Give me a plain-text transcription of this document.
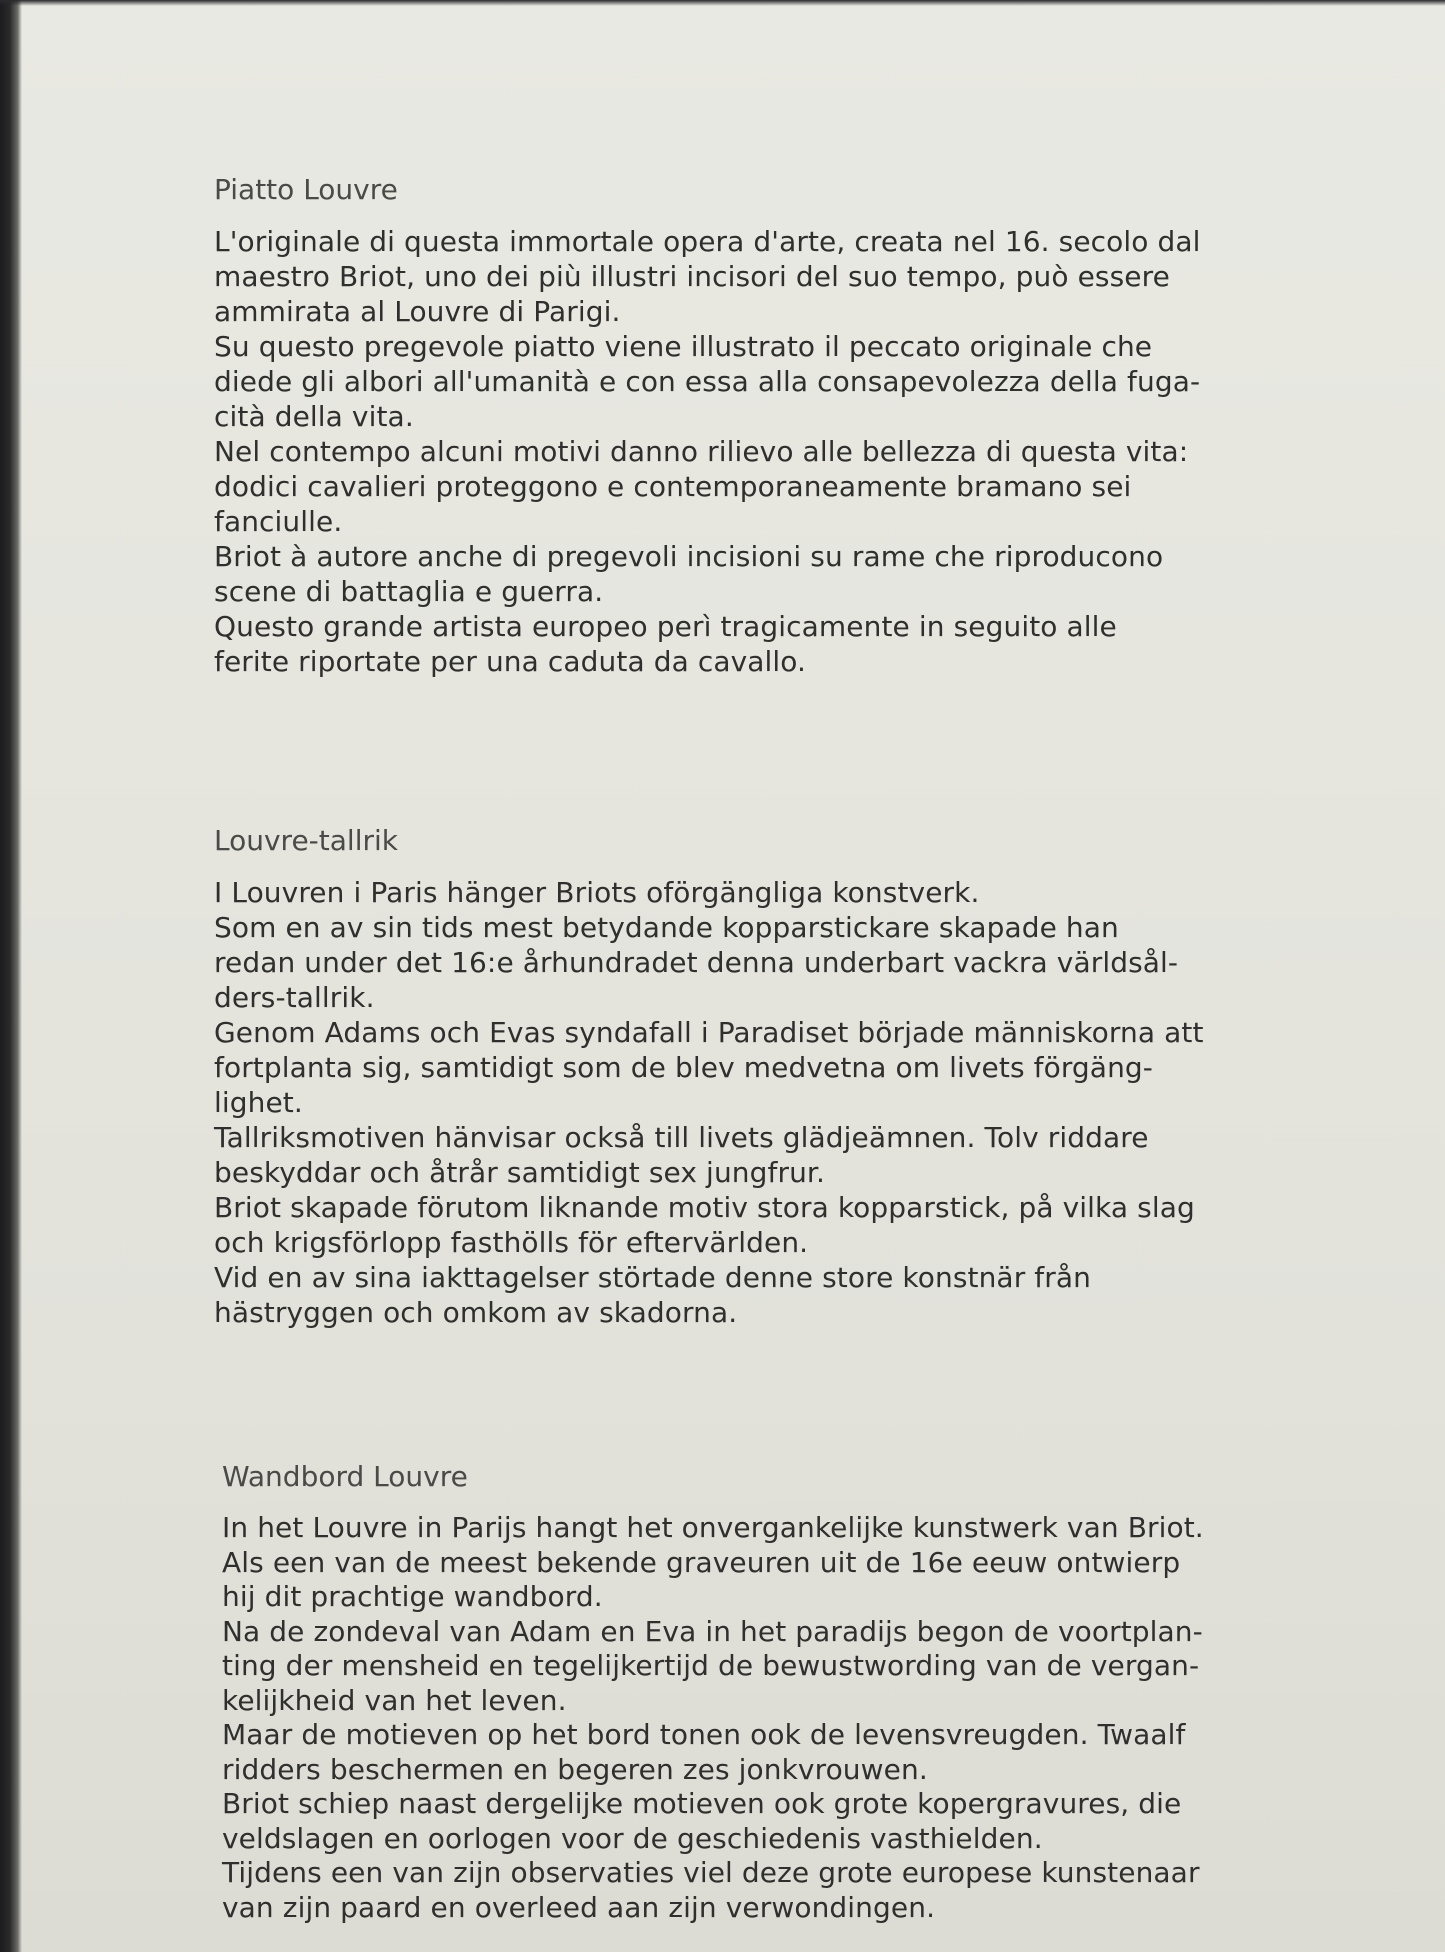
Piatto Louvre
L'originale di questa immortale opera d'arte, creata nel 16. secolo dal
maestro Briot, uno dei più illustri incisori del suo tempo, può essere
ammirata al Louvre di Parigi.
Su questo pregevole piatto viene illustrato il peccato originale che
diede gli albori all'umanità e con essa alla consapevolezza della fuga-
cità della vita.
Nel contempo alcuni motivi danno rilievo alle bellezza di questa vita:
dodici cavalieri proteggono e contemporaneamente bramano sei
fanciulle.
Briot à autore anche di pregevoli incisioni su rame che riproducono
scene di battaglia e guerra.
Questo grande artista europeo perì tragicamente in seguito alle
ferite riportate per una caduta da cavallo.
Louvre-tallrik
I Louvren i Paris hänger Briots oförgängliga konstverk.
Som en av sin tids mest betydande kopparstickare skapade han
redan under det 16:e århundradet denna underbart vackra världsål-
ders-tallrik.
Genom Adams och Evas syndafall i Paradiset började människorna att
fortplanta sig, samtidigt som de blev medvetna om livets förgäng-
lighet.
Tallriksmotiven hänvisar också till livets glädjeämnen. Tolv riddare
beskyddar och åtrår samtidigt sex jungfrur.
Briot skapade förutom liknande motiv stora kopparstick, på vilka slag
och krigsförlopp fasthölls för eftervärlden.
Vid en av sina iakttagelser störtade denne store konstnär från
hästryggen och omkom av skadorna.
Wandbord Louvre
In het Louvre in Parijs hangt het onvergankelijke kunstwerk van Briot.
Als een van de meest bekende graveuren uit de 16e eeuw ontwierp
hij dit prachtige wandbord.
Na de zondeval van Adam en Eva in het paradijs begon de voortplan-
ting der mensheid en tegelijkertijd de bewustwording van de vergan-
kelijkheid van het leven.
Maar de motieven op het bord tonen ook de levensvreugden. Twaalf
ridders beschermen en begeren zes jonkvrouwen.
Briot schiep naast dergelijke motieven ook grote kopergravures, die
veldslagen en oorlogen voor de geschiedenis vasthielden.
Tijdens een van zijn observaties viel deze grote europese kunstenaar
van zijn paard en overleed aan zijn verwondingen.
